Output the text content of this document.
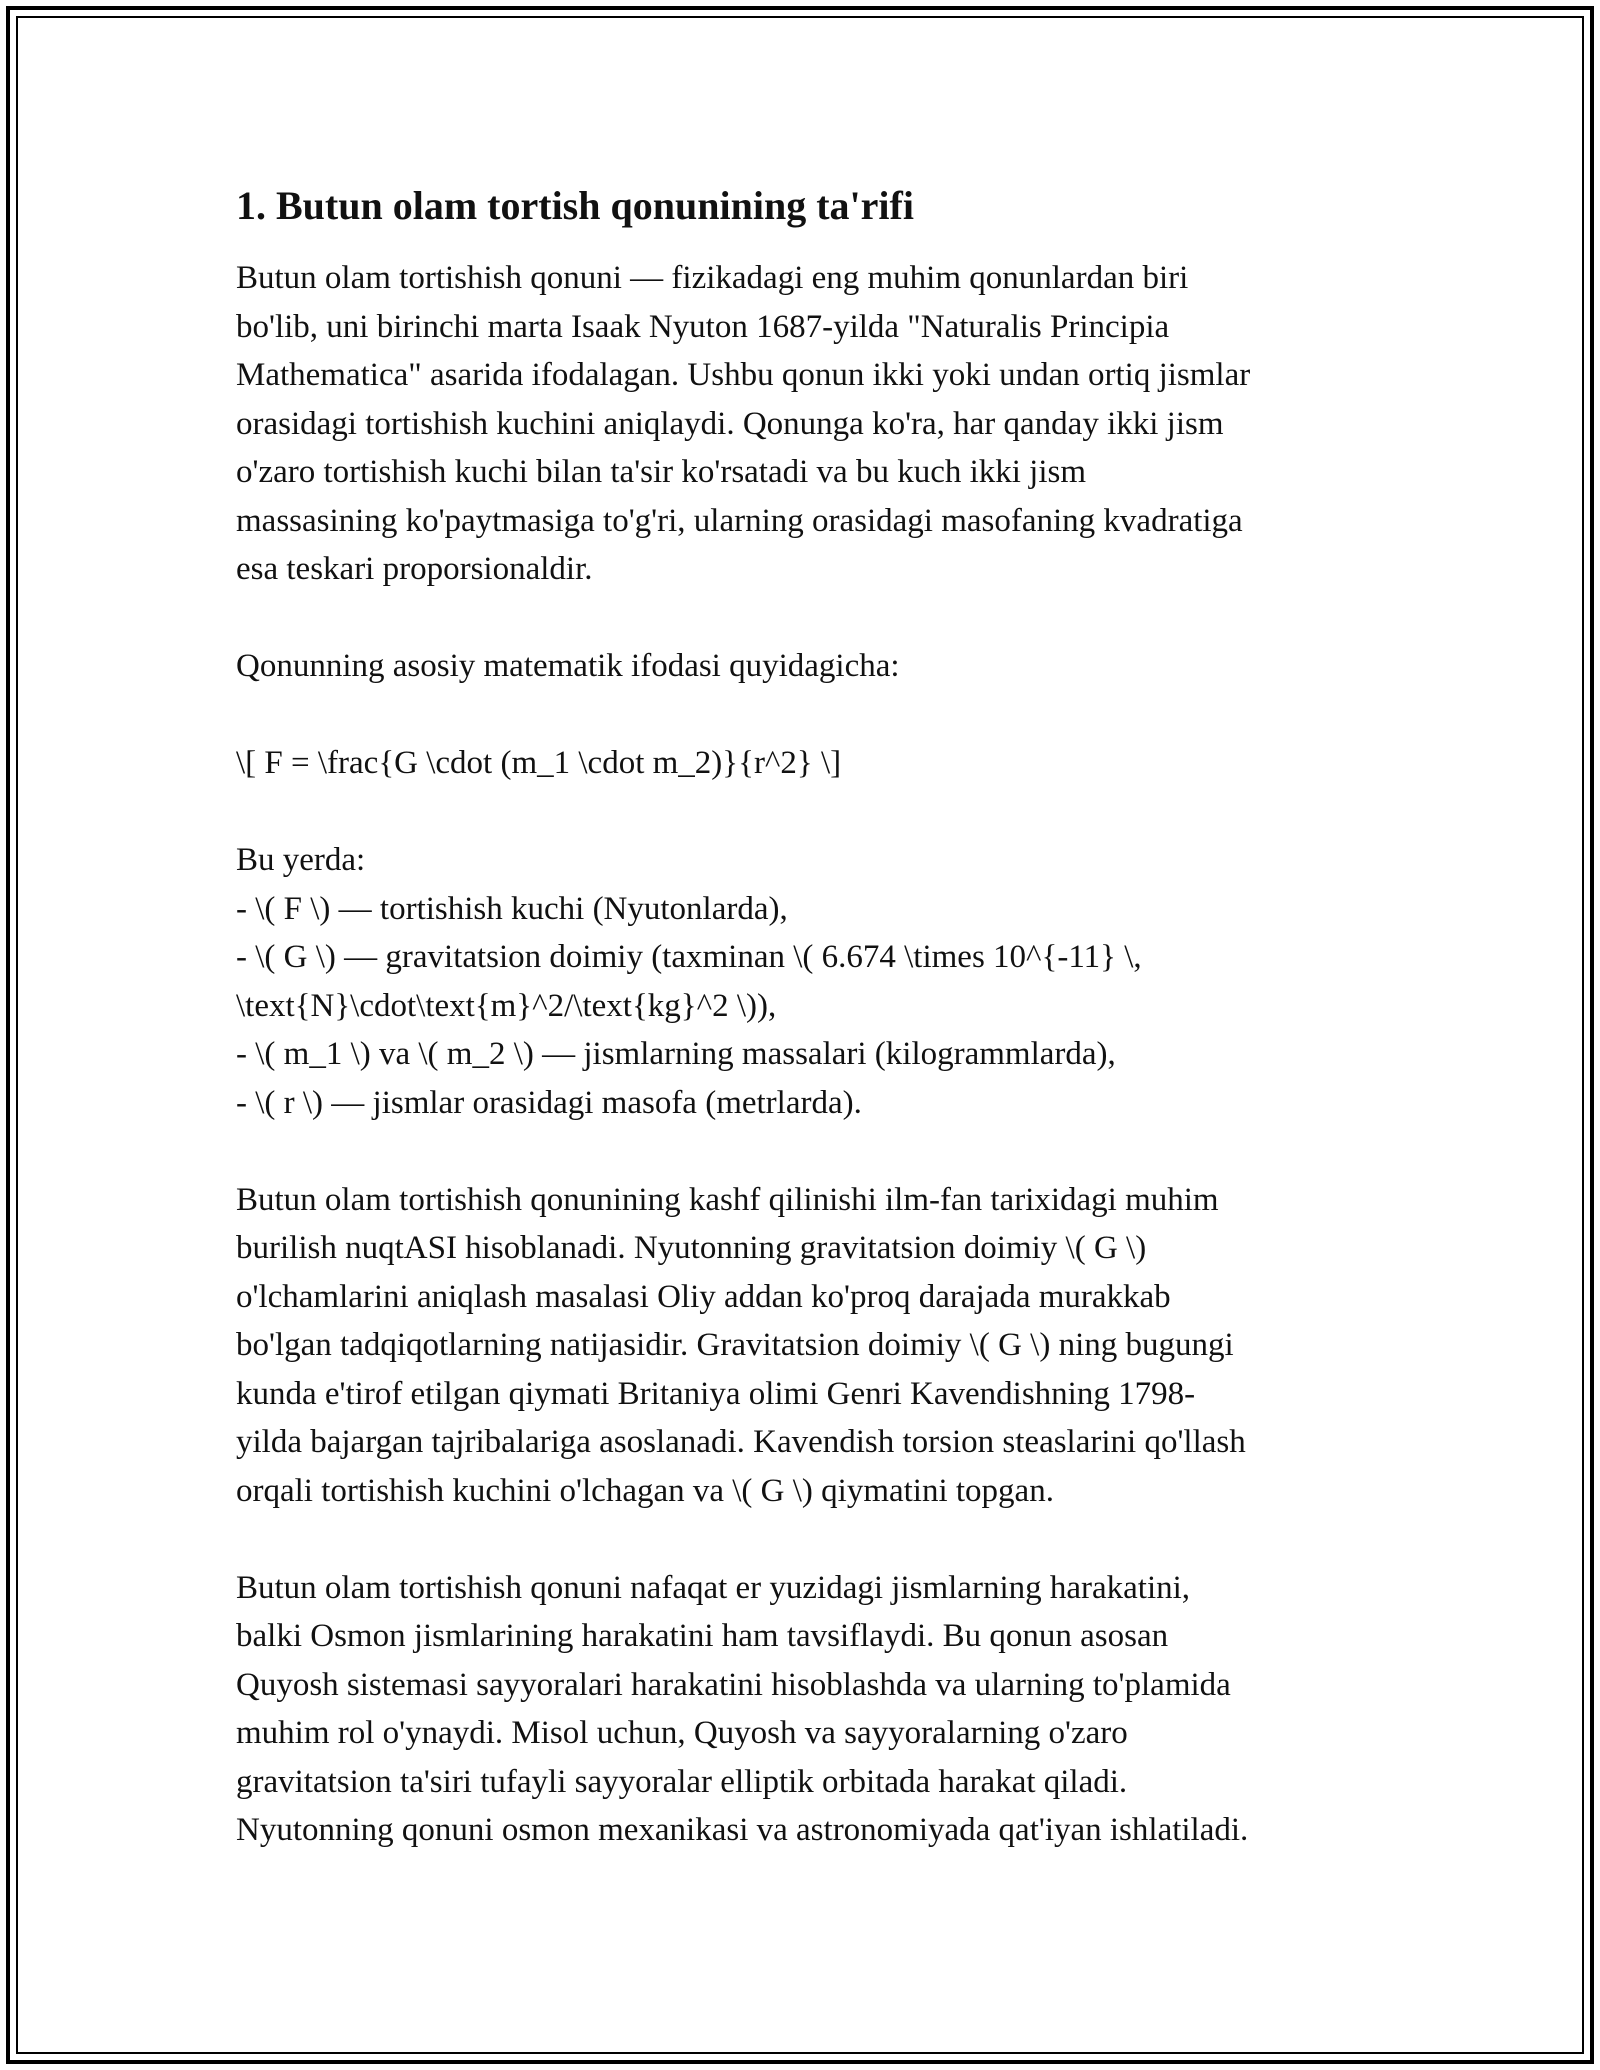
1. Butun olam tortish qonunining ta'rifi

Butun olam tortishish qonuni — fizikadagi eng muhim qonunlardan biri
bo'lib, uni birinchi marta Isaak Nyuton 1687-yilda "Naturalis Principia
Mathematica" asarida ifodalagan. Ushbu qonun ikki yoki undan ortiq jismlar
orasidagi tortishish kuchini aniqlaydi. Qonunga ko'ra, har qanday ikki jism
o'zaro tortishish kuchi bilan ta'sir ko'rsatadi va bu kuch ikki jism
massasining ko'paytmasiga to'g'ri, ularning orasidagi masofaning kvadratiga
esa teskari proporsionaldir.

Qonunning asosiy matematik ifodasi quyidagicha:

\[ F = \frac{G \cdot (m_1 \cdot m_2)}{r^2} \]

Bu yerda:
- \( F \) — tortishish kuchi (Nyutonlarda),
- \( G \) — gravitatsion doimiy (taxminan \( 6.674 \times 10^{-11} \,
\text{N}\cdot\text{m}^2/\text{kg}^2 \)),
- \( m_1 \) va \( m_2 \) — jismlarning massalari (kilogrammlarda),
- \( r \) — jismlar orasidagi masofa (metrlarda).

Butun olam tortishish qonunining kashf qilinishi ilm-fan tarixidagi muhim
burilish nuqtASI hisoblanadi. Nyutonning gravitatsion doimiy \( G \)
o'lchamlarini aniqlash masalasi Oliy addan ko'proq darajada murakkab
bo'lgan tadqiqotlarning natijasidir. Gravitatsion doimiy \( G \) ning bugungi
kunda e'tirof etilgan qiymati Britaniya olimi Genri Kavendishning 1798-
yilda bajargan tajribalariga asoslanadi. Kavendish torsion steaslarini qo'llash
orqali tortishish kuchini o'lchagan va \( G \) qiymatini topgan.

Butun olam tortishish qonuni nafaqat er yuzidagi jismlarning harakatini,
balki Osmon jismlarining harakatini ham tavsiflaydi. Bu qonun asosan
Quyosh sistemasi sayyoralari harakatini hisoblashda va ularning to'plamida
muhim rol o'ynaydi. Misol uchun, Quyosh va sayyoralarning o'zaro
gravitatsion ta'siri tufayli sayyoralar elliptik orbitada harakat qiladi.
Nyutonning qonuni osmon mexanikasi va astronomiyada qat'iyan ishlatiladi.
